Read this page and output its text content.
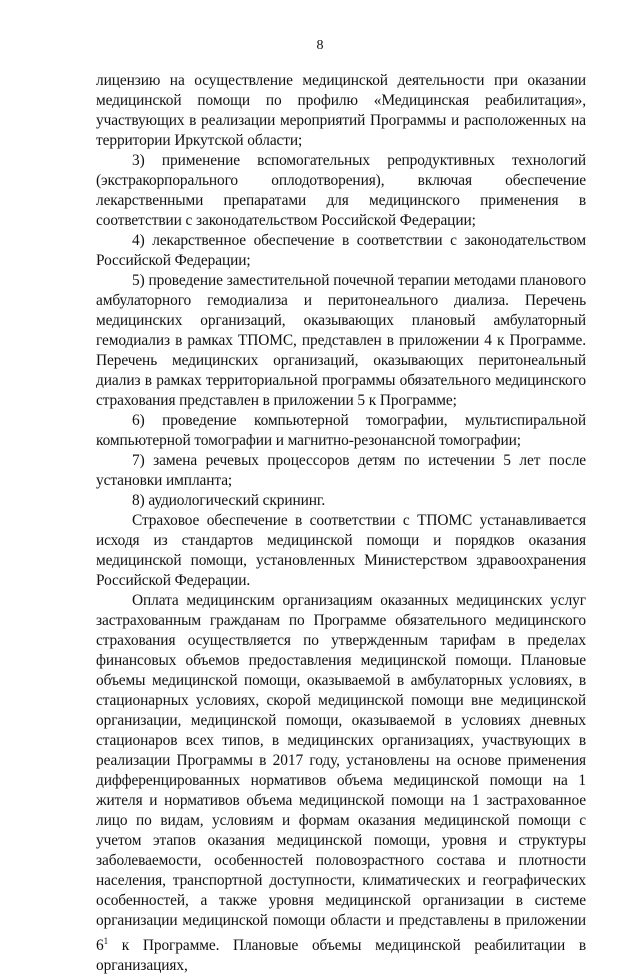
8

лицензию на осуществление медицинской деятельности при оказании медицинской помощи по профилю «Медицинская реабилитация», участвующих в реализации мероприятий Программы и расположенных на территории Иркутской области;

3) применение вспомогательных репродуктивных технологий (экстракорпорального оплодотворения), включая обеспечение лекарственными препаратами для медицинского применения в соответствии с законодательством Российской Федерации;

4) лекарственное обеспечение в соответствии с законодательством Российской Федерации;

5) проведение заместительной почечной терапии методами планового амбулаторного гемодиализа и перитонеального диализа. Перечень медицинских организаций, оказывающих плановый амбулаторный гемодиализ в рамках ТПОМС, представлен в приложении 4 к Программе. Перечень медицинских организаций, оказывающих перитонеальный диализ в рамках территориальной программы обязательного медицинского страхования представлен в приложении 5 к Программе;

6) проведение компьютерной томографии, мультиспиральной компьютерной томографии и магнитно-резонансной томографии;

7) замена речевых процессоров детям по истечении 5 лет после установки импланта;

8) аудиологический скрининг.

Страховое обеспечение в соответствии с ТПОМС устанавливается исходя из стандартов медицинской помощи и порядков оказания медицинской помощи, установленных Министерством здравоохранения Российской Федерации.

Оплата медицинским организациям оказанных медицинских услуг застрахованным гражданам по Программе обязательного медицинского страхования осуществляется по утвержденным тарифам в пределах финансовых объемов предоставления медицинской помощи. Плановые объемы медицинской помощи, оказываемой в амбулаторных условиях, в стационарных условиях, скорой медицинской помощи вне медицинской организации, медицинской помощи, оказываемой в условиях дневных стационаров всех типов, в медицинских организациях, участвующих в реализации Программы в 2017 году, установлены на основе применения дифференцированных нормативов объема медицинской помощи на 1 жителя и нормативов объема медицинской помощи на 1 застрахованное лицо по видам, условиям и формам оказания медицинской помощи с учетом этапов оказания медицинской помощи, уровня и структуры заболеваемости, особенностей половозрастного состава и плотности населения, транспортной доступности, климатических и географических особенностей, а также уровня медицинской организации в системе организации медицинской помощи области и представлены в приложении $6^1$ к Программе. Плановые объемы медицинской реабилитации в организациях,
